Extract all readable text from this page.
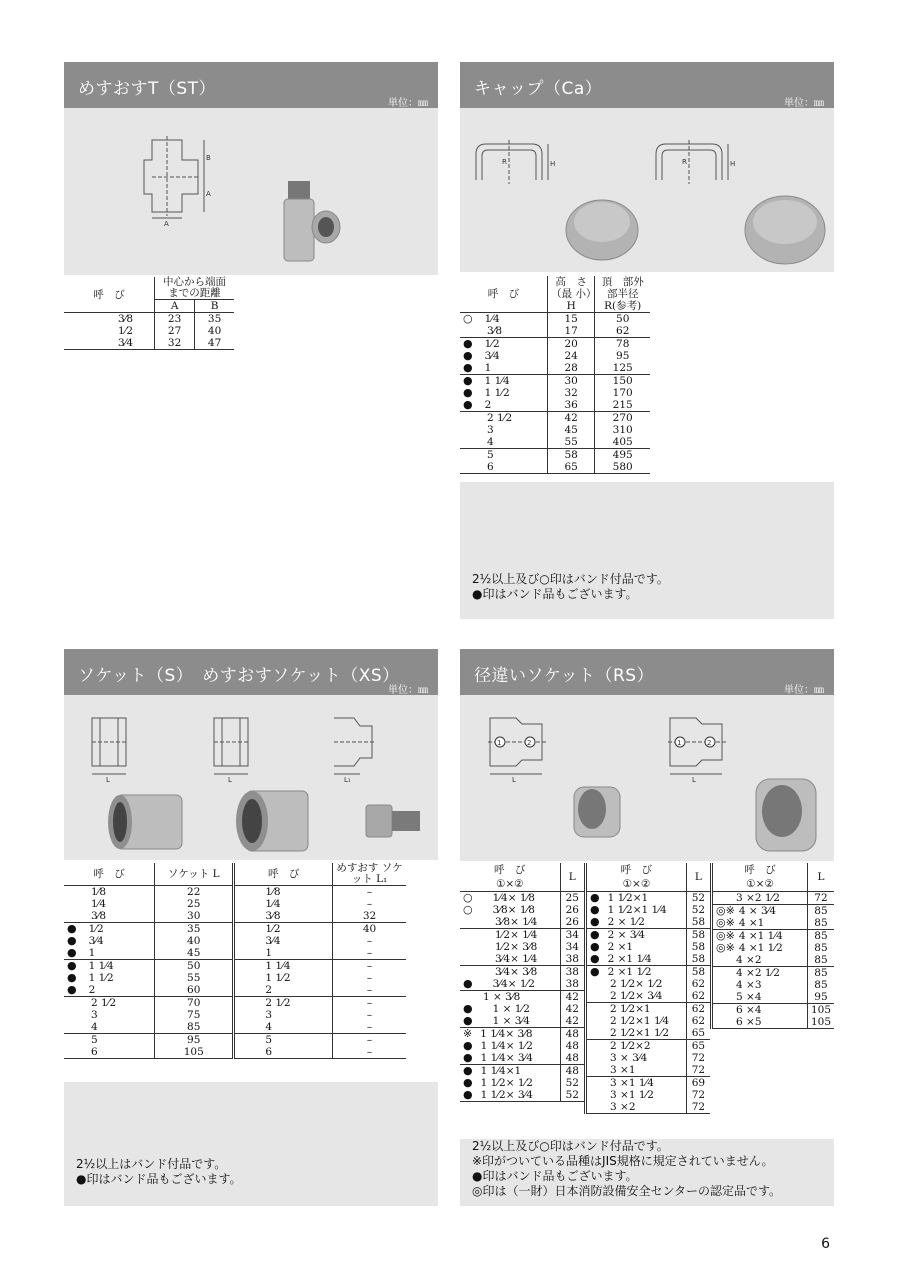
めすおすT（ST）
単位：㎜
A
B
A
呼　び	中心から端面までの距離	
	A	B
3⁄8	23	35
1⁄2	27	40
3⁄4	32	47
キャップ（Ca）
単位：㎜
H
R	H
R
呼　び	高　さ（最 小）H	頂　部外部半径R(参考)
○ 1⁄4	15	50
3⁄8	17	62
● 1⁄2	20	78
● 3⁄4	24	95
● 1	28	125
● 1 1⁄4	30	150
● 1 1⁄2	32	170
● 2	36	215
2 1⁄2	42	270
3	45	310
4	55	405
5	58	495
6	65	580
2½以上及び○印はバンド付品です。
●印はバンド品もございます。
ソケット（S）　めすおすソケット（XS）
単位：㎜
L	L	L₁
呼　び	ソケット L	呼　び	めすおす ソケット L₁
1⁄8	22	1⁄8	–
1⁄4	25	1⁄4	–
3⁄8	30	3⁄8	32
● 1⁄2	35	1⁄2	40
● 3⁄4	40	3⁄4	–
● 1	45	1	–
● 1 1⁄4	50	1 1⁄4	–
● 1 1⁄2	55	1 1⁄2	–
● 2	60	2	–
2 1⁄2	70	2 1⁄2	–
3	75	3	–
4	85	4	–
5	95	5	–
6	105	6	–
2½以上はバンド付品です。
●印はバンド品もございます。
径違いソケット（RS）
単位：㎜
1	2
L
1	2
L
呼　び
①×②	L
○ 1⁄4× 1⁄8	25
○ 3⁄8× 1⁄8	26
3⁄8× 1⁄4	26
1⁄2× 1⁄4	34
1⁄2× 3⁄8	34
3⁄4× 1⁄4	38
3⁄4× 3⁄8	38
● 3⁄4× 1⁄2	38
1 × 3⁄8	42
● 1 × 1⁄2	42
● 1 × 3⁄4	42
※ 1 1⁄4× 3⁄8	48
● 1 1⁄4× 1⁄2	48
● 1 1⁄4× 3⁄4	48
● 1 1⁄4×1	48
● 1 1⁄2× 1⁄2	52
● 1 1⁄2× 3⁄4	52
呼　び
①×②	L
● 1 1⁄2×1	52
● 1 1⁄2×1 1⁄4	52
● 2 × 1⁄2	58
● 2 × 3⁄4	58
● 2 ×1	58
● 2 ×1 1⁄4	58
● 2 ×1 1⁄2	58
2 1⁄2× 1⁄2	62
2 1⁄2× 3⁄4	62
2 1⁄2×1	62
2 1⁄2×1 1⁄4	62
2 1⁄2×1 1⁄2	65
2 1⁄2×2	65
3 × 3⁄4	72
3 ×1	72
3 ×1 1⁄4	69
3 ×1 1⁄2	72
3 ×2	72
呼　び
①×②	L
3 ×2 1⁄2	72
◎※ 4 × 3⁄4	85
◎※ 4 ×1	85
◎※ 4 ×1 1⁄4	85
◎※ 4 ×1 1⁄2	85
4 ×2	85
4 ×2 1⁄2	85
4 ×3	85
5 ×4	95
6 ×4	105
6 ×5	105
2½以上及び○印はバンド付品です。
※印がついている品種はJIS規格に規定されていません。
●印はバンド品もございます。
◎印は（一財）日本消防設備安全センターの認定品です。
6
